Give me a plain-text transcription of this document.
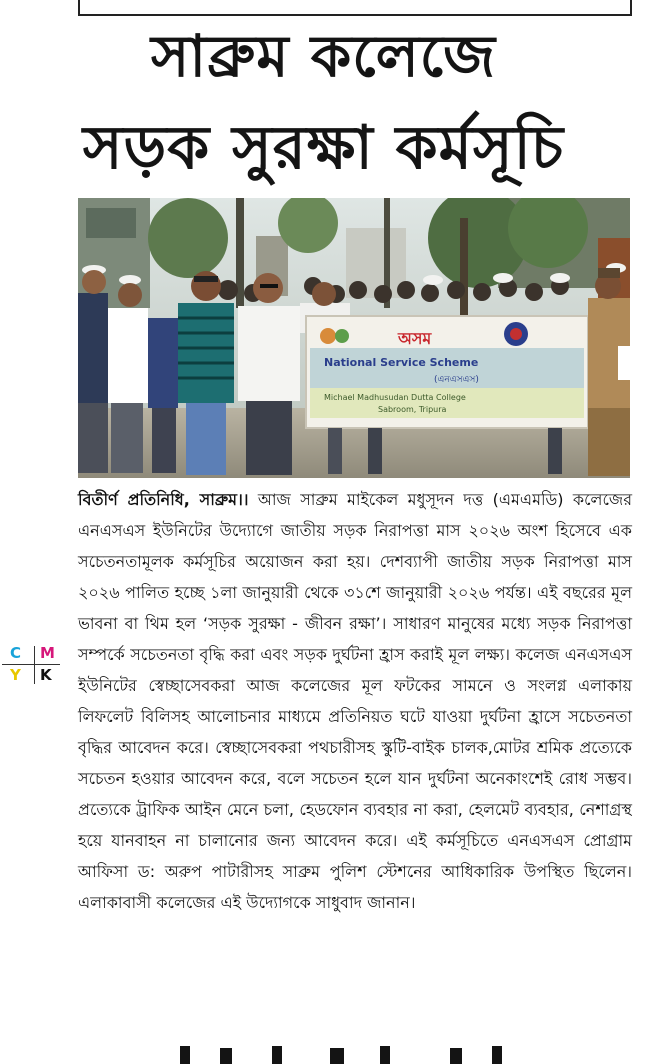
সাব্রুম কলেজে
সড়ক সুরক্ষা কর্মসূচি
অসম
National Service Scheme
(এনএসএস)
Michael Madhusudan Dutta College
Sabroom, Tripura
বিতীর্ণ প্রতিনিধি, সাব্রুম।। আজ সাব্রুম মাইকেল মধুসূদন দত্ত (এমএমডি) কলেজের এনএসএস ইউনিটের উদ্যোগে জাতীয় সড়ক নিরাপত্তা মাস ২০২৬ অংশ হিসেবে এক সচেতনতামূলক কর্মসূচির অয়োজন করা হয়। দেশব্যাপী জাতীয় সড়ক নিরাপত্তা মাস ২০২৬ পালিত হচ্ছে ১লা জানুয়ারী থেকে ৩১শে জানুয়ারী ২০২৬ পর্যন্ত। এই বছরের মূল ভাবনা বা থিম হল ‘সড়ক সুরক্ষা - জীবন রক্ষা’। সাধারণ মানুষের মধ্যে সড়ক নিরাপত্তা সম্পর্কে সচেতনতা বৃদ্ধি করা এবং সড়ক দুর্ঘটনা হ্রাস করাই মূল লক্ষ্য। কলেজ এনএসএস ইউনিটের স্বেচ্ছাসেবকরা আজ কলেজের মূল ফটকের সামনে ও সংলগ্ন এলাকায় লিফলেট বিলিসহ আলোচনার মাধ্যমে প্রতিনিয়ত ঘটে যাওয়া দুর্ঘটনা হ্রাসে সচেতনতা বৃদ্ধির আবেদন করে। স্বেচ্ছাসেবকরা পথচারীসহ স্কুটি-বাইক চালক,মোটর শ্রমিক প্রত্যেকে সচেতন হওয়ার আবেদন করে, বলে সচেতন হলে যান দুর্ঘটনা অনেকাংশেই রোধ সম্ভব। প্রত্যেকে ট্রাফিক আইন মেনে চলা, হেডফোন ব্যবহার না করা, হেলমেট ব্যবহার, নেশাগ্রস্থ হয়ে যানবাহন না চালানোর জন্য আবেদন করে। এই কর্মসূচিতে এনএসএস প্রোগ্রাম আফিসা ড: অরুপ পাটারীসহ সাব্রুম পুলিশ স্টেশনের আধিকারিক উপস্থিত ছিলেন। এলাকাবাসী কলেজের এই উদ্যোগকে সাধুবাদ জানান।
C M
Y K
